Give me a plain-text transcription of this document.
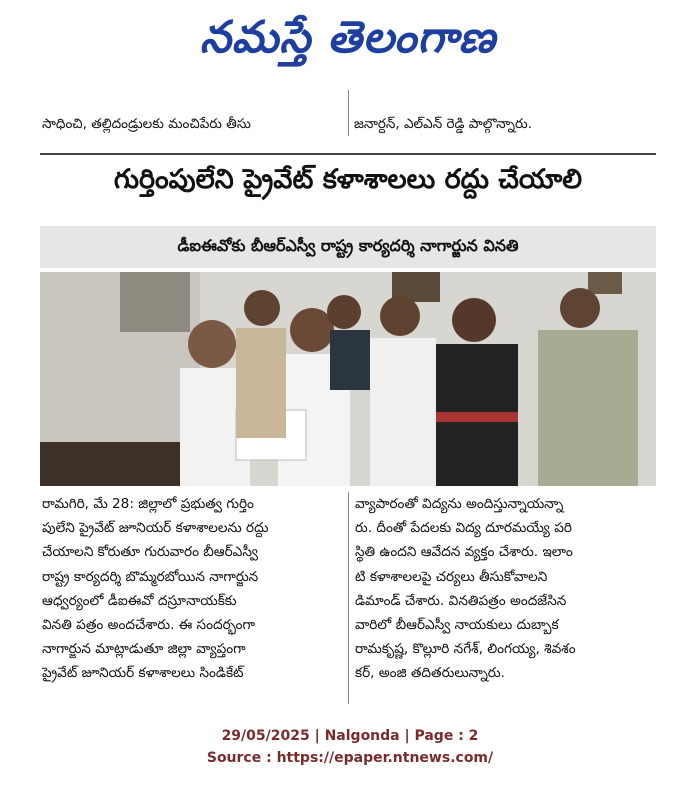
నమస్తే తెలంగాణ
సాధించి, తల్లిదండ్రులకు మంచిపేరు తీసు	జనార్దన్, ఎల్ఎన్ రెడ్డి పాల్గొన్నారు.
గుర్తింపులేని ప్రైవేట్ కళాశాలలు రద్దు చేయాలి
డీఐఈవోకు బీఆర్ఎస్వీ రాష్ట్ర కార్యదర్శి నాగార్జున వినతి
రామగిరి, మే 28: జిల్లాలో ప్రభుత్వ గుర్తిం
పులేని ప్రైవేట్ జూనియర్ కళాశాలలను రద్దు
చేయాలని కోరుతూ గురువారం బీఆర్ఎస్వీ
రాష్ట్ర కార్యదర్శి బొమ్మరబోయిన నాగార్జున
ఆధ్వర్యంలో డీఐఈవో దస్రూనాయక్‌కు
వినతి పత్రం అందచేశారు. ఈ సందర్భంగా
నాగార్జున మాట్లాడుతూ జిల్లా వ్యాప్తంగా
ప్రైవేట్ జూనియర్ కళాశాలలు సిండికేట్
వ్యాపారంతో విద్యను అందిస్తున్నాయన్నా
రు. దీంతో పేదలకు విద్య దూరమయ్యే పరి
స్థితి ఉందని ఆవేదన వ్యక్తం చేశారు. ఇలాం
టి కళాశాలలపై చర్యలు తీసుకోవాలని
డిమాండ్ చేశారు. వినతిపత్రం అందజేసిన
వారిలో బీఆర్ఎస్వీ నాయకులు దుబ్బాక
రామకృష్ణ, కొల్లూరి నగేశ్, లింగయ్య, శివశం
కర్, అంజి తదితరులున్నారు.
29/05/2025 | Nalgonda | Page : 2
Source : https://epaper.ntnews.com/
